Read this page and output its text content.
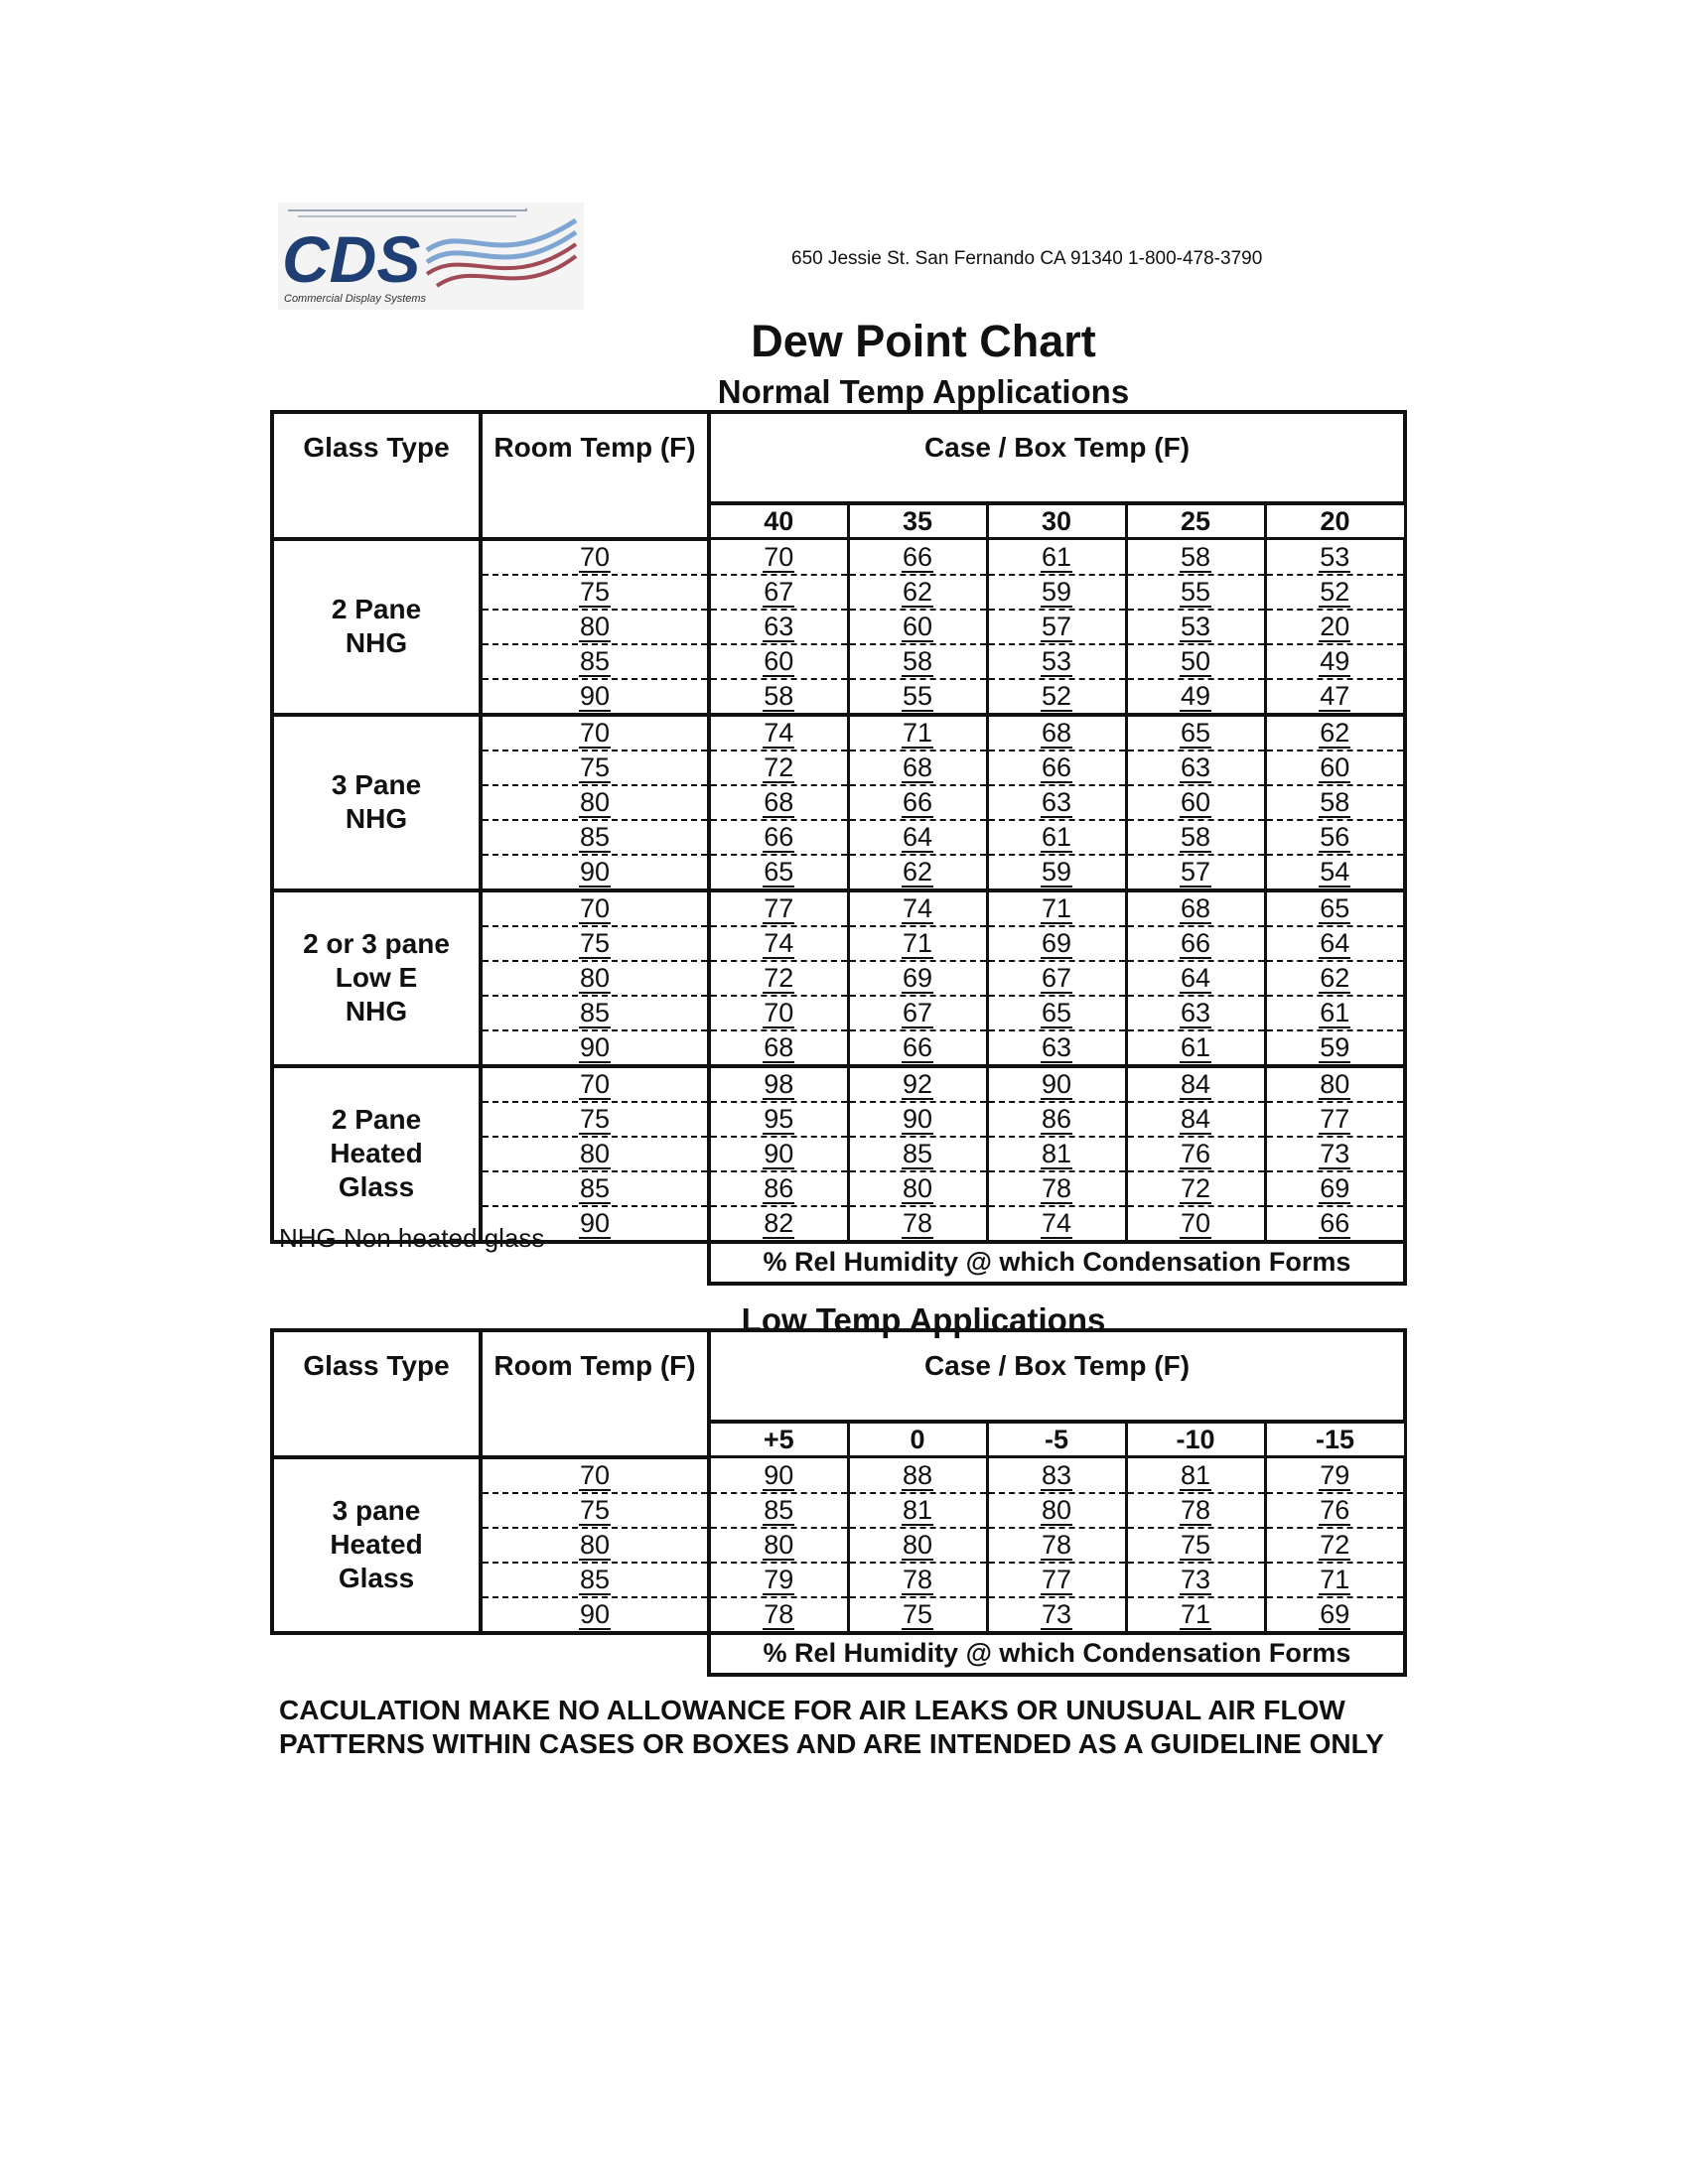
CDS
Commercial Display Systems
650 Jessie St. San Fernando CA 91340 1-800-478-3790
Dew Point Chart
Normal Temp Applications
Glass Type	Room Temp (F)	Case / Box Temp (F)				
		40	35	30	25	20

2 Pane
NHG	70	70	66	61	58	53
	75	67	62	59	55	52
	80	63	60	57	53	20
	85	60	58	53	50	49
	90	58	55	52	49	47

3 Pane
NHG	70	74	71	68	65	62
	75	72	68	66	63	60
	80	68	66	63	60	58
	85	66	64	61	58	56
	90	65	62	59	57	54

2 or 3 pane
Low E
NHG	70	77	74	71	68	65
	75	74	71	69	66	64
	80	72	69	67	64	62
	85	70	67	65	63	61
	90	68	66	63	61	59

2 Pane
Heated
Glass	70	98	92	90	84	80
	75	95	90	86	84	77
	80	90	85	81	76	73
	85	86	80	78	72	69
	90	82	78	74	70	66
		% Rel Humidity @ which Condensation Forms				
NHG Non heated glass
Low Temp Applications
Glass Type	Room Temp (F)	Case / Box Temp (F)				
		+5	0	-5	-10	-15

3 pane
Heated
Glass	70	90	88	83	81	79
	75	85	81	80	78	76
	80	80	80	78	75	72
	85	79	78	77	73	71
	90	78	75	73	71	69
		% Rel Humidity @ which Condensation Forms				
CACULATION MAKE NO ALLOWANCE FOR AIR LEAKS OR UNUSUAL AIR FLOW
PATTERNS WITHIN CASES OR BOXES AND ARE INTENDED AS A GUIDELINE ONLY
